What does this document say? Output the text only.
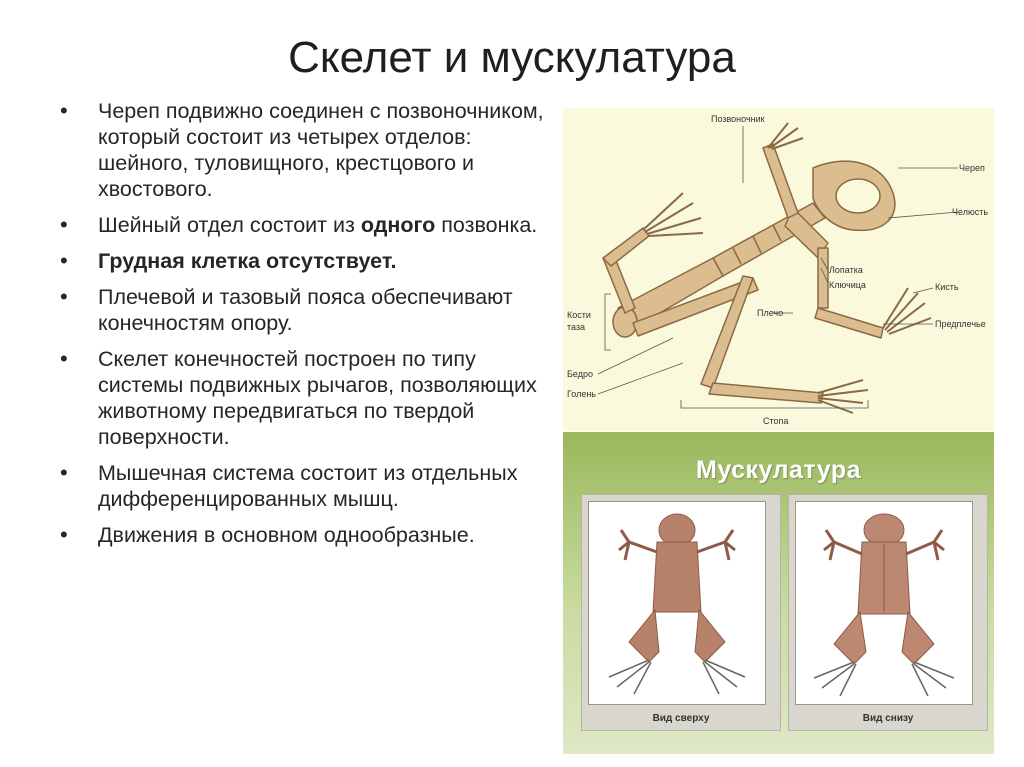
Скелет и мускулатура
• Череп подвижно соединен с позвоночником, который состоит из четырех отделов: шейного, туловищного, крестцового и хвостового.
• Шейный отдел состоит из одного позвонка.
• Грудная клетка отсутствует.
• Плечевой и тазовый пояса обеспечивают конечностям опору.
• Скелет конечностей построен по типу системы подвижных рычагов, позволяющих животному передвигаться по твердой поверхности.
• Мышечная система состоит из отдельных дифференцированных мышц.
• Движения в основном однообразные.
Позвоночник
Череп
Челюсть
Лопатка
Ключица	Кисть
Кости
таза
Плечо
Предплечье
Бедро
Голень
Стопа
Мускулатура
Вид сверху	Вид снизу
